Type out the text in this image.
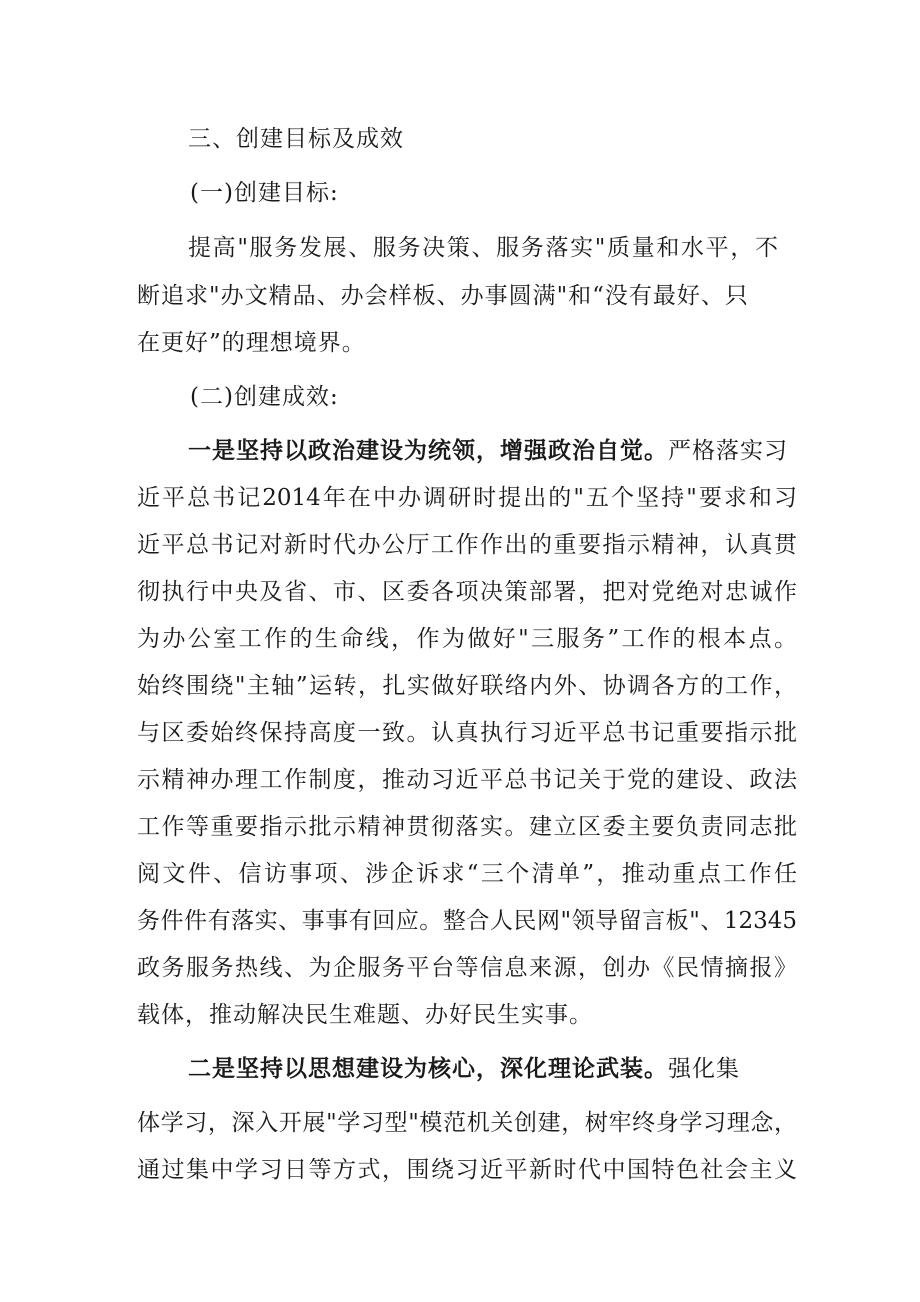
三、创建目标及成效
(一)创建目标:
提高"服务发展、服务决策、服务落实"质量和水平，不
断追求"办文精品、办会样板、办事圆满"和“没有最好、只
在更好”的理想境界。
(二)创建成效:
一是坚持以政治建设为统领，增强政治自觉。严格落实习
近平总书记2014年在中办调研时提出的"五个坚持"要求和习
近平总书记对新时代办公厅工作作出的重要指示精神，认真贯
彻执行中央及省、市、区委各项决策部署，把对党绝对忠诚作
为办公室工作的生命线，作为做好"三服务”工作的根本点。
始终围绕"主轴”运转，扎实做好联络内外、协调各方的工作，
与区委始终保持高度一致。认真执行习近平总书记重要指示批
示精神办理工作制度，推动习近平总书记关于党的建设、政法
工作等重要指示批示精神贯彻落实。建立区委主要负责同志批
阅文件、信访事项、涉企诉求“三个清单”，推动重点工作任
务件件有落实、事事有回应。整合人民网"领导留言板"、12345
政务服务热线、为企服务平台等信息来源，创办《民情摘报》
载体，推动解决民生难题、办好民生实事。
二是坚持以思想建设为核心，深化理论武装。强化集
体学习，深入开展"学习型"模范机关创建，树牢终身学习理念，
通过集中学习日等方式，围绕习近平新时代中国特色社会主义
